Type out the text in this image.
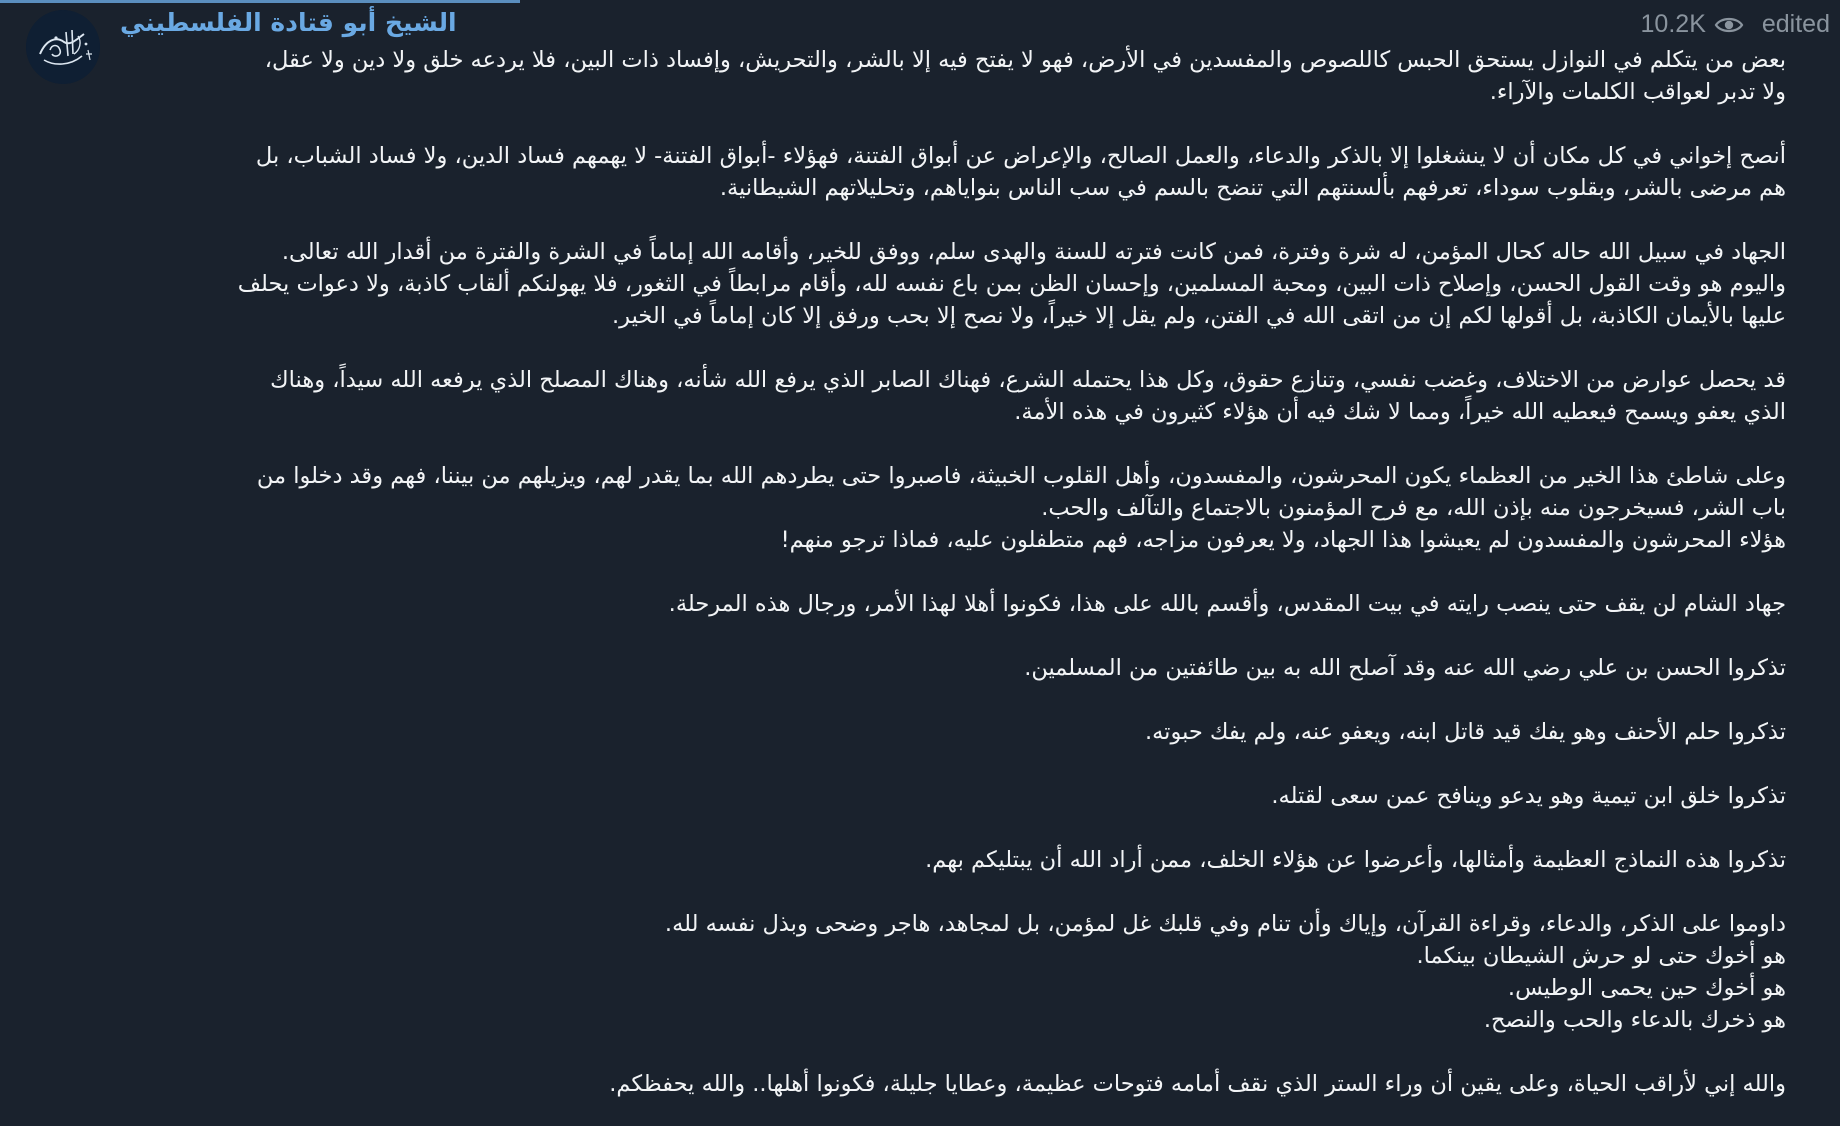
الشيخ أبو قتادة الفلسطيني	10.2K edited
بعض من يتكلم في النوازل يستحق الحبس كاللصوص والمفسدين في الأرض، فهو لا يفتح فيه إلا بالشر، والتحريش، وإفساد ذات البين، فلا يردعه خلق ولا دين ولا عقل،
ولا تدبر لعواقب الكلمات والآراء.
أنصح إخواني في كل مكان أن لا ينشغلوا إلا بالذكر والدعاء، والعمل الصالح، والإعراض عن أبواق الفتنة، فهؤلاء -أبواق الفتنة- لا يهمهم فساد الدين، ولا فساد الشباب، بل
هم مرضى بالشر، وبقلوب سوداء، تعرفهم بألسنتهم التي تنضح بالسم في سب الناس بنواياهم، وتحليلاتهم الشيطانية.
الجهاد في سبيل الله حاله كحال المؤمن، له شرة وفترة، فمن كانت فترته للسنة والهدى سلم، ووفق للخير، وأقامه الله إماماً في الشرة والفترة من أقدار الله تعالى.
واليوم هو وقت القول الحسن، وإصلاح ذات البين، ومحبة المسلمين، وإحسان الظن بمن باع نفسه لله، وأقام مرابطاً في الثغور، فلا يهولنكم ألقاب كاذبة، ولا دعوات يحلف
عليها بالأيمان الكاذبة، بل أقولها لكم إن من اتقى الله في الفتن، ولم يقل إلا خيراً، ولا نصح إلا بحب ورفق إلا كان إماماً في الخير.
قد يحصل عوارض من الاختلاف، وغضب نفسي، وتنازع حقوق، وكل هذا يحتمله الشرع، فهناك الصابر الذي يرفع الله شأنه، وهناك المصلح الذي يرفعه الله سيداً، وهناك
الذي يعفو ويسمح فيعطيه الله خيراً، ومما لا شك فيه أن هؤلاء كثيرون في هذه الأمة.
وعلى شاطئ هذا الخير من العظماء يكون المحرشون، والمفسدون، وأهل القلوب الخبيثة، فاصبروا حتى يطردهم الله بما يقدر لهم، ويزيلهم من بيننا، فهم وقد دخلوا من
باب الشر، فسيخرجون منه بإذن الله، مع فرح المؤمنون بالاجتماع والتآلف والحب.
هؤلاء المحرشون والمفسدون لم يعيشوا هذا الجهاد، ولا يعرفون مزاجه، فهم متطفلون عليه، فماذا ترجو منهم!
جهاد الشام لن يقف حتى ينصب رايته في بيت المقدس، وأقسم بالله على هذا، فكونوا أهلا لهذا الأمر، ورجال هذه المرحلة.
تذكروا الحسن بن علي رضي الله عنه وقد آصلح الله به بين طائفتين من المسلمين.
تذكروا حلم الأحنف وهو يفك قيد قاتل ابنه، ويعفو عنه، ولم يفك حبوته.
تذكروا خلق ابن تيمية وهو يدعو وينافح عمن سعى لقتله.
تذكروا هذه النماذج العظيمة وأمثالها، وأعرضوا عن هؤلاء الخلف، ممن أراد الله أن يبتليكم بهم.
داوموا على الذكر، والدعاء، وقراءة القرآن، وإياك وأن تنام وفي قلبك غل لمؤمن، بل لمجاهد، هاجر وضحى وبذل نفسه لله.
هو أخوك حتى لو حرش الشيطان بينكما.
هو أخوك حين يحمى الوطيس.
هو ذخرك بالدعاء والحب والنصح.
والله إني لأراقب الحياة، وعلى يقين أن وراء الستر الذي نقف أمامه فتوحات عظيمة، وعطايا جليلة، فكونوا أهلها.. والله يحفظكم.
